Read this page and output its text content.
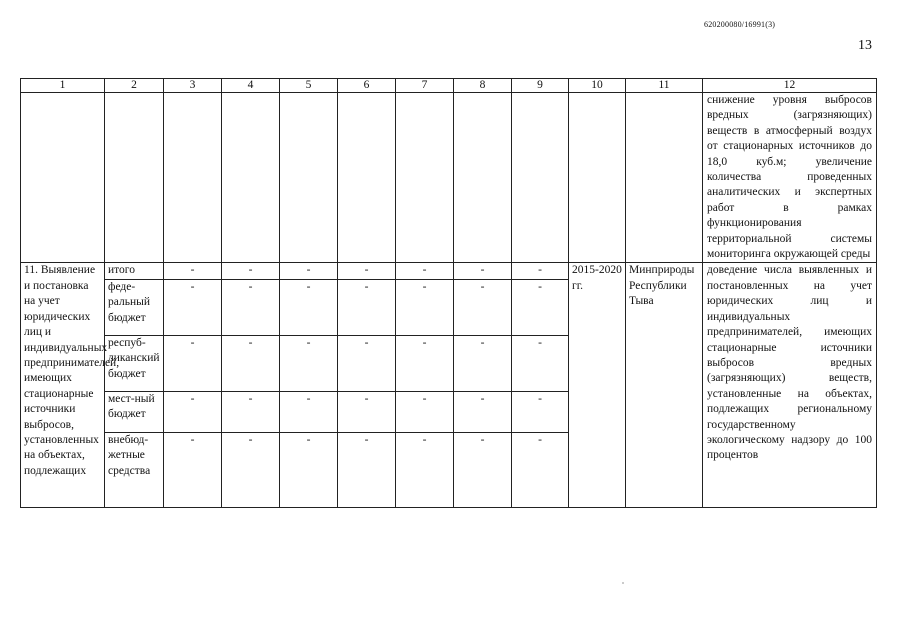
620200080/16991(3)
13
1	2	3	4	5	6	7	8	9	10	11	12
											снижение уровня выбросов вредных (загрязняющих) веществ в атмосферный воздух от стационарных источников до 18,0 куб.м; увеличение количества проведенных аналитических и экспертных работ в рамках функционирования территориальной системы мониторинга окружающей среды
11. Выявление и постановка на учет юридических лиц и индивидуальных предпринимателей, имеющих стационарные источники выбросов, установленных на объектах, подлежащих	итого	-	-	-	-	-	-	-	2015-2020 гг.	Минприроды Республики Тыва	доведение числа выявленных и постановленных на учет юридических лиц и индивидуальных предпринимателей, имеющих стационарные источники выбросов вредных (загрязняющих) веществ, установленные на объектах, подлежащих региональному государственному экологическому надзору до 100 процентов
	феде-ральный бюджет	-	-	-	-	-	-	-			
	респуб-ликанский бюджет	-	-	-	-	-	-	-			
	мест-ный бюджет	-	-	-	-	-	-	-			
	внебюд-жетные средства	-	-	-	-	-	-	-			
